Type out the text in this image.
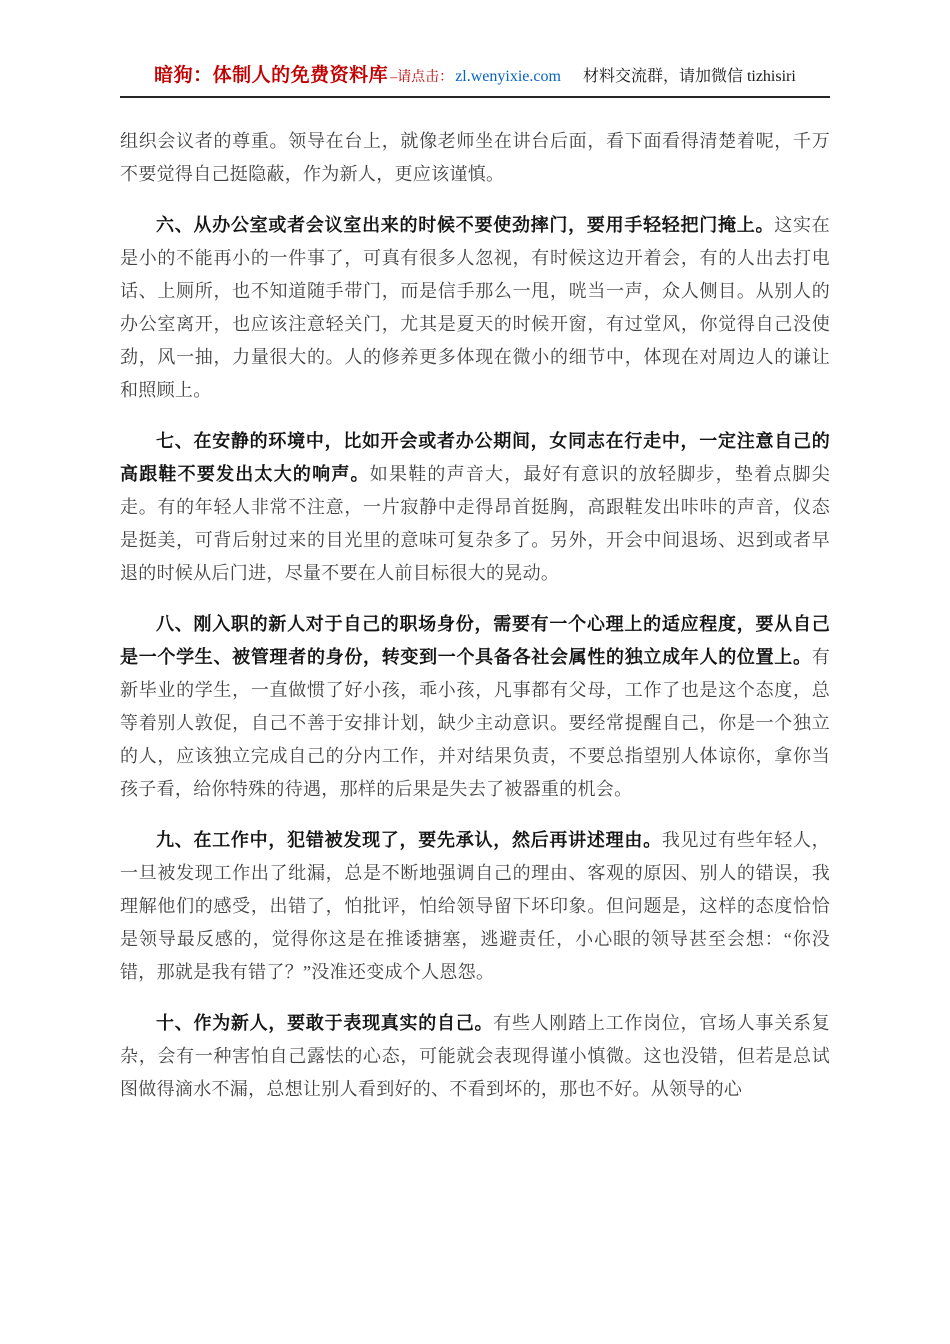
暗狗：体制人的免费资料库 –请点击： zl.wenyixie.com 材料交流群，请加微信 tizhisiri

组织会议者的尊重。领导在台上，就像老师坐在讲台后面，看下面看得清楚着呢，千万不要觉得自己挺隐蔽，作为新人，更应该谨慎。

六、从办公室或者会议室出来的时候不要使劲摔门，要用手轻轻把门掩上。这实在是小的不能再小的一件事了，可真有很多人忽视，有时候这边开着会，有的人出去打电话、上厕所，也不知道随手带门，而是信手那么一甩，咣当一声，众人侧目。从别人的办公室离开，也应该注意轻关门，尤其是夏天的时候开窗，有过堂风，你觉得自己没使劲，风一抽，力量很大的。人的修养更多体现在微小的细节中，体现在对周边人的谦让和照顾上。

七、在安静的环境中，比如开会或者办公期间，女同志在行走中，一定注意自己的高跟鞋不要发出太大的响声。如果鞋的声音大，最好有意识的放轻脚步，垫着点脚尖走。有的年轻人非常不注意，一片寂静中走得昂首挺胸，高跟鞋发出咔咔的声音，仪态是挺美，可背后射过来的目光里的意味可复杂多了。另外，开会中间退场、迟到或者早退的时候从后门进，尽量不要在人前目标很大的晃动。

八、刚入职的新人对于自己的职场身份，需要有一个心理上的适应程度，要从自己是一个学生、被管理者的身份，转变到一个具备各社会属性的独立成年人的位置上。有新毕业的学生，一直做惯了好小孩，乖小孩，凡事都有父母，工作了也是这个态度，总等着别人敦促，自己不善于安排计划，缺少主动意识。要经常提醒自己，你是一个独立的人，应该独立完成自己的分内工作，并对结果负责，不要总指望别人体谅你，拿你当孩子看，给你特殊的待遇，那样的后果是失去了被器重的机会。

九、在工作中，犯错被发现了，要先承认，然后再讲述理由。我见过有些年轻人，一旦被发现工作出了纰漏，总是不断地强调自己的理由、客观的原因、别人的错误，我理解他们的感受，出错了，怕批评，怕给领导留下坏印象。但问题是，这样的态度恰恰是领导最反感的，觉得你这是在推诿搪塞，逃避责任，小心眼的领导甚至会想：“你没错，那就是我有错了？”没准还变成个人恩怨。

十、作为新人，要敢于表现真实的自己。有些人刚踏上工作岗位，官场人事关系复杂，会有一种害怕自己露怯的心态，可能就会表现得谨小慎微。这也没错，但若是总试图做得滴水不漏，总想让别人看到好的、不看到坏的，那也不好。从领导的心
